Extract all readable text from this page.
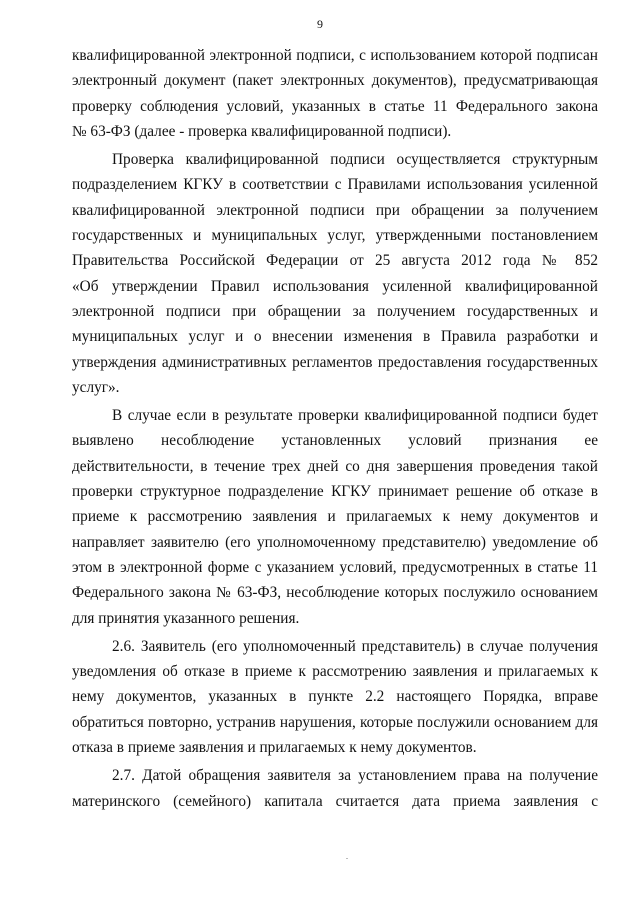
9

квалифицированной электронной подписи, с использованием которой подписан
электронный документ (пакет электронных документов), предусматривающая
проверку соблюдения условий, указанных в статье 11 Федерального закона
№ 63-ФЗ (далее - проверка квалифицированной подписи).

Проверка квалифицированной подписи осуществляется структурным
подразделением КГКУ в соответствии с Правилами использования усиленной
квалифицированной электронной подписи при обращении за получением
государственных и муниципальных услуг, утвержденными постановлением
Правительства Российской Федерации от 25 августа 2012 года № 852
«Об утверждении Правил использования усиленной квалифицированной
электронной подписи при обращении за получением государственных и
муниципальных услуг и о внесении изменения в Правила разработки и
утверждения административных регламентов предоставления государственных
услуг».

В случае если в результате проверки квалифицированной подписи будет
выявлено несоблюдение установленных условий признания ее
действительности, в течение трех дней со дня завершения проведения такой
проверки структурное подразделение КГКУ принимает решение об отказе в
приеме к рассмотрению заявления и прилагаемых к нему документов и
направляет заявителю (его уполномоченному представителю) уведомление об
этом в электронной форме с указанием условий, предусмотренных в статье 11
Федерального закона № 63-ФЗ, несоблюдение которых послужило основанием
для принятия указанного решения.

2.6. Заявитель (его уполномоченный представитель) в случае получения
уведомления об отказе в приеме к рассмотрению заявления и прилагаемых к
нему документов, указанных в пункте 2.2 настоящего Порядка, вправе
обратиться повторно, устранив нарушения, которые послужили основанием для
отказа в приеме заявления и прилагаемых к нему документов.

2.7. Датой обращения заявителя за установлением права на получение
материнского (семейного) капитала считается дата приема заявления с
